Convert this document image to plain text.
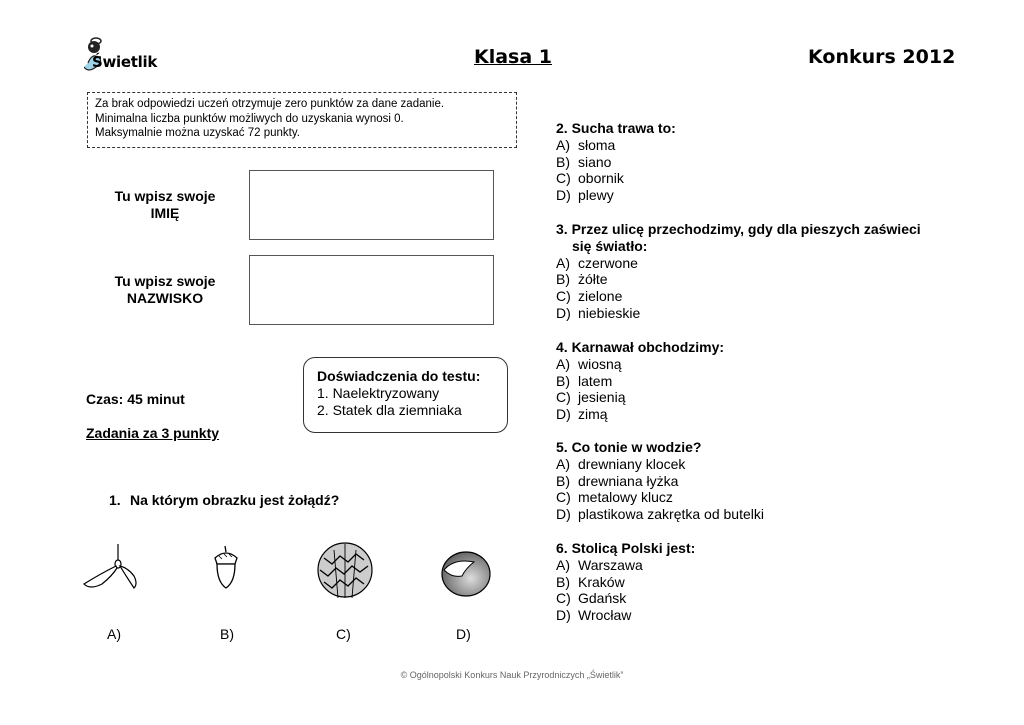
Świetlik	Klasa 1	Konkurs 2012
Za brak odpowiedzi uczeń otrzymuje zero punktów za dane zadanie.
Minimalna liczba punktów możliwych do uzyskania wynosi 0.
Maksymalnie można uzyskać 72 punkty.
Tu wpisz swoje
IMIĘ
Tu wpisz swoje
NAZWISKO
Doświadczenia do testu:
1. Naelektryzowany
2. Statek dla ziemniaka
Czas: 45 minut
Zadania za 3 punkty
1. Na którym obrazku jest żołądź?
A)	B)	C)	D)
2. Sucha trawa to:
A) słoma
B) siano
C) obornik
D) plewy
3. Przez ulicę przechodzimy, gdy dla pieszych zaświeci
się światło:
A) czerwone
B) żółte
C) zielone
D) niebieskie
4. Karnawał obchodzimy:
A) wiosną
B) latem
C) jesienią
D) zimą
5. Co tonie w wodzie?
A) drewniany klocek
B) drewniana łyżka
C) metalowy klucz
D) plastikowa zakrętka od butelki
6. Stolicą Polski jest:
A) Warszawa
B) Kraków
C) Gdańsk
D) Wrocław
© Ogólnopolski Konkurs Nauk Przyrodniczych „Świetlik”
